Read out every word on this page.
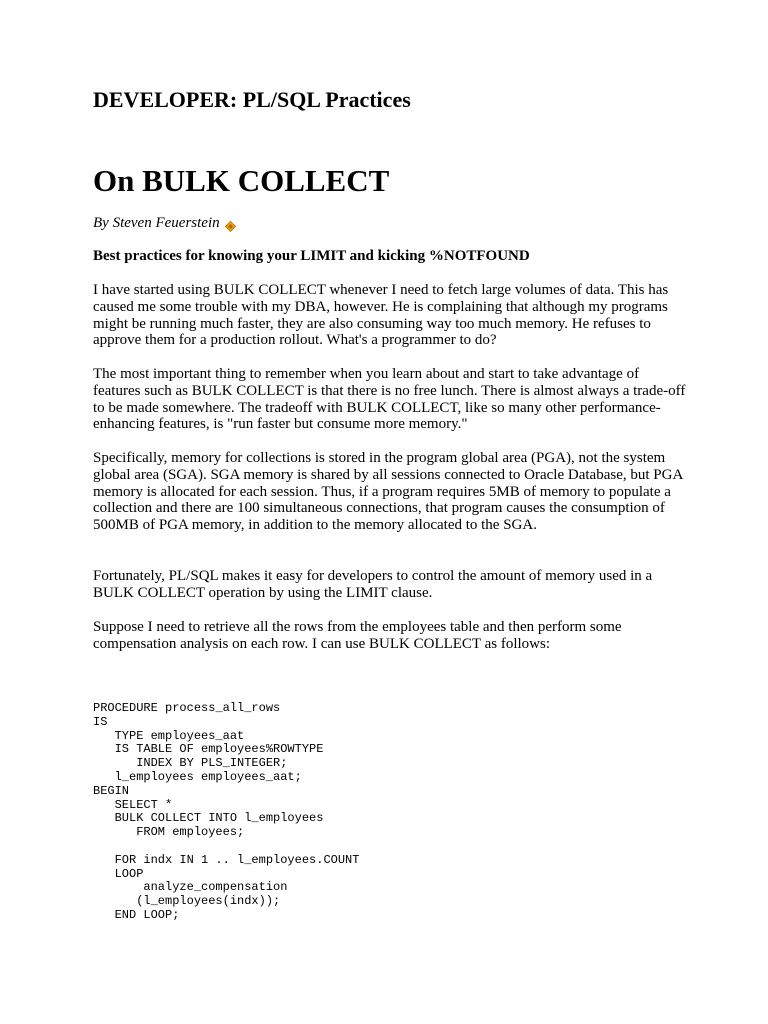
DEVELOPER: PL/SQL Practices
On BULK COLLECT

By Steven Feuerstein

Best practices for knowing your LIMIT and kicking %NOTFOUND

I have started using BULK COLLECT whenever I need to fetch large volumes of data. This has caused me some trouble with my DBA, however. He is complaining that although my programs might be running much faster, they are also consuming way too much memory. He refuses to approve them for a production rollout. What's a programmer to do?

The most important thing to remember when you learn about and start to take advantage of features such as BULK COLLECT is that there is no free lunch. There is almost always a trade-off to be made somewhere. The tradeoff with BULK COLLECT, like so many other performance-enhancing features, is "run faster but consume more memory."

Specifically, memory for collections is stored in the program global area (PGA), not the system global area (SGA). SGA memory is shared by all sessions connected to Oracle Database, but PGA memory is allocated for each session. Thus, if a program requires 5MB of memory to populate a collection and there are 100 simultaneous connections, that program causes the consumption of 500MB of PGA memory, in addition to the memory allocated to the SGA.

Fortunately, PL/SQL makes it easy for developers to control the amount of memory used in a BULK COLLECT operation by using the LIMIT clause.

Suppose I need to retrieve all the rows from the employees table and then perform some compensation analysis on each row. I can use BULK COLLECT as follows:

PROCEDURE process_all_rows
IS
TYPE employees_aat
IS TABLE OF employees%ROWTYPE
INDEX BY PLS_INTEGER;
l_employees employees_aat;
BEGIN
SELECT *
BULK COLLECT INTO l_employees
FROM employees;

FOR indx IN 1 .. l_employees.COUNT
LOOP
analyze_compensation
(l_employees(indx));
END LOOP;
